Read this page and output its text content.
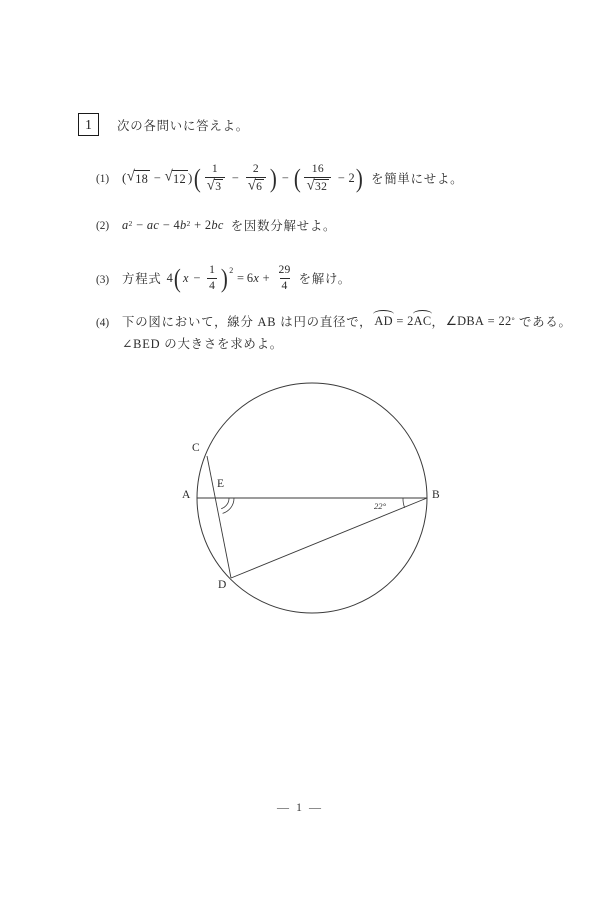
1	次の各問いに答えよ。
(1) ( √ 18 − √ 12 ) ( $\frac{1}{√ 3} - \frac{2}{√ 6}$ ) − ( $\frac{16}{√ 32} - 2$ ) を簡単にせよ。
(2)	$a^2$ − ac − 4 $b^2 + 2$ bc を因数分解せよ。
(3)	方程式 4 ( $x - \frac{1}{4}$ ) 2
= 6 $x + \frac{29}{4}$ を解け。
(4)	下の図において，線分 AB は円の直径で， AD = 2 AC ， ∠DBA = 22 ° である。
∠BED の大きさを求めよ。
A	B
C
D
E
22°
— 1 —
